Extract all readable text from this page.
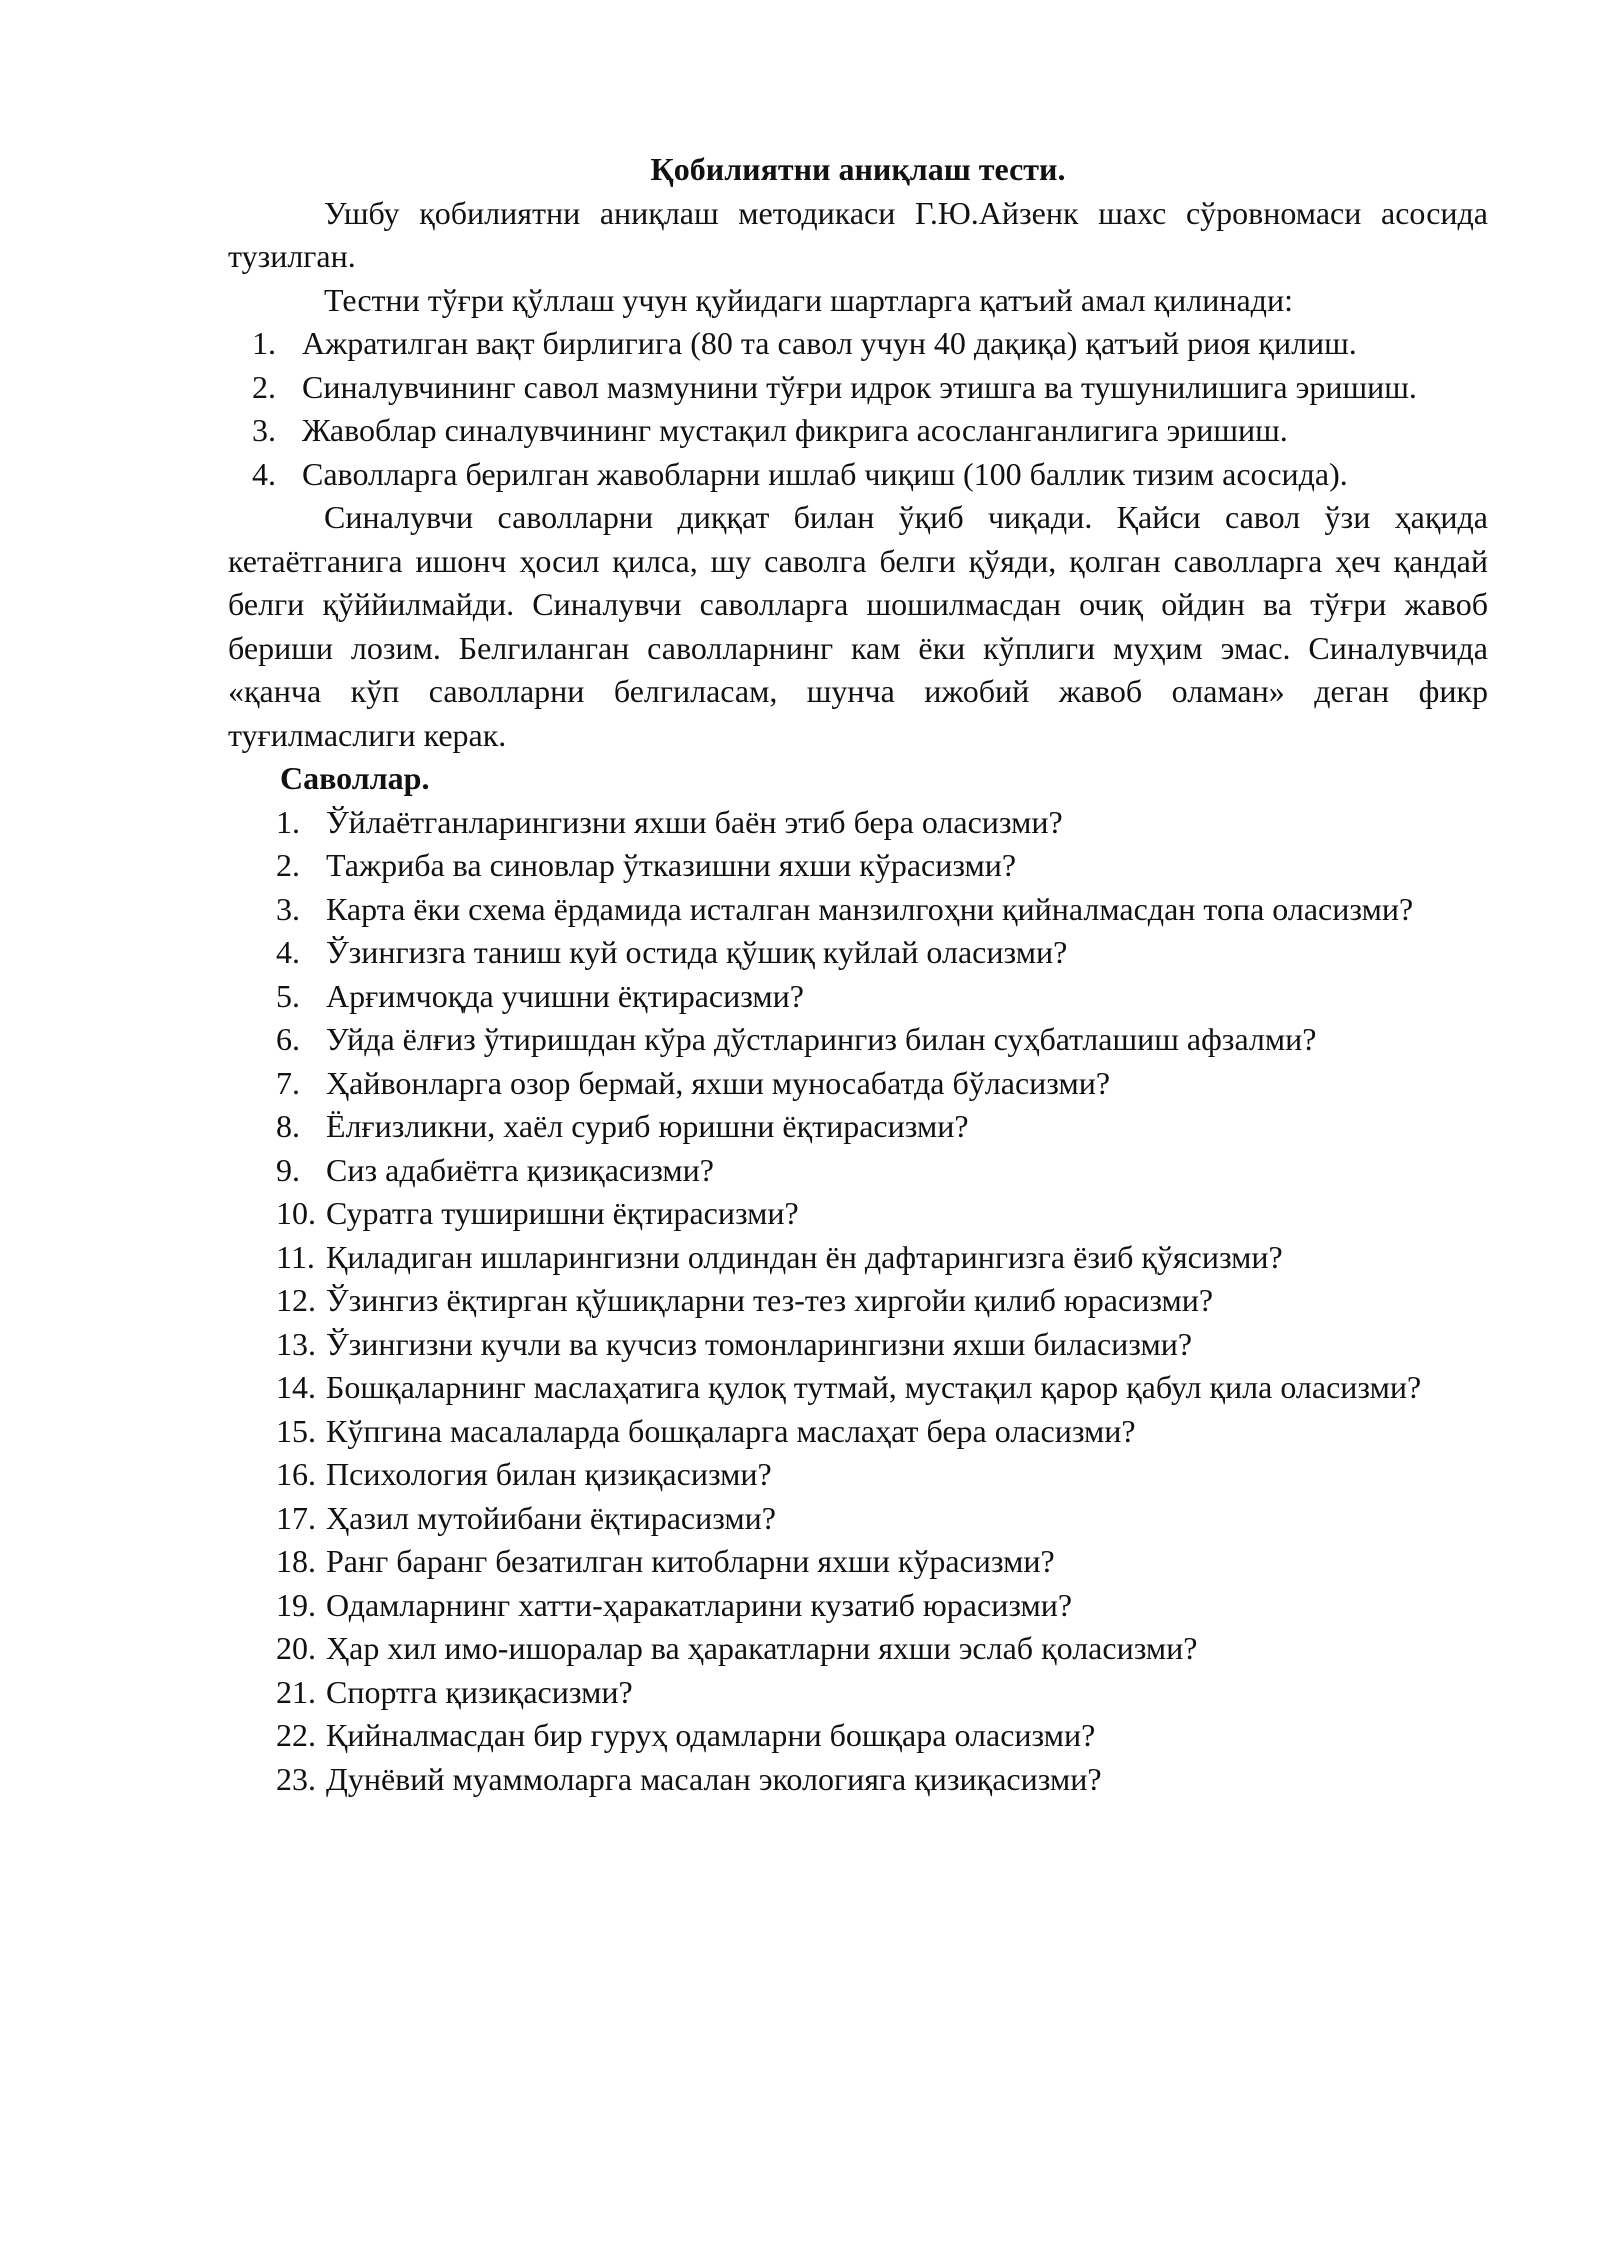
Қобилиятни аниқлаш тести.

Ушбу қобилиятни аниқлаш методикаси Г.Ю.Айзенк шахс сўровномаси асосида тузилган.

Тестни тўғри қўллаш учун қуйидаги шартларга қатъий амал қилинади:

1. Ажратилган вақт бирлигига (80 та савол учун 40 дақиқа) қатъий риоя қилиш.
2. Синалувчининг савол мазмунини тўғри идрок этишга ва тушунилишига эришиш.
3. Жавоблар синалувчининг мустақил фикрига асосланганлигига эришиш.
4. Саволларга берилган жавобларни ишлаб чиқиш (100 баллик тизим асосида).

Синалувчи саволларни диққат билан ўқиб чиқади. Қайси савол ўзи ҳақида кетаётганига ишонч ҳосил қилса, шу саволга белги қўяди, қолган саволларга ҳеч қандай белги қўййилмайди. Синалувчи саволларга шошилмасдан очиқ ойдин ва тўғри жавоб бериши лозим. Белгиланган саволларнинг кам ёки кўплиги муҳим эмас. Синалувчида «қанча кўп саволларни белгиласам, шунча ижобий жавоб оламан» деган фикр туғилмаслиги керак.

Саволлар.

1. Ўйлаётганларингизни яхши баён этиб бера оласизми?
2. Тажриба ва синовлар ўтказишни яхши кўрасизми?
3. Карта ёки схема ёрдамида исталган манзилгоҳни қийналмасдан топа оласизми?
4. Ўзингизга таниш куй остида қўшиқ куйлай оласизми?
5. Арғимчоқда учишни ёқтирасизми?
6. Уйда ёлғиз ўтиришдан кўра дўстларингиз билан суҳбатлашиш афзалми?
7. Ҳайвонларга озор бермай, яхши муносабатда бўласизми?
8. Ёлғизликни, хаёл суриб юришни ёқтирасизми?
9. Сиз адабиётга қизиқасизми?
10. Суратга туширишни ёқтирасизми?
11. Қиладиган ишларингизни олдиндан ён дафтарингизга ёзиб қўясизми?
12. Ўзингиз ёқтирган қўшиқларни тез-тез хиргойи қилиб юрасизми?
13. Ўзингизни кучли ва кучсиз томонларингизни яхши биласизми?
14. Бошқаларнинг маслаҳатига қулоқ тутмай, мустақил қарор қабул қила оласизми?
15. Кўпгина масалаларда бошқаларга маслаҳат бера оласизми?
16. Психология билан қизиқасизми?
17. Ҳазил мутойибани ёқтирасизми?
18. Ранг баранг безатилган китобларни яхши кўрасизми?
19. Одамларнинг хатти-ҳаракатларини кузатиб юрасизми?
20. Ҳар хил имо-ишоралар ва ҳаракатларни яхши эслаб қоласизми?
21. Спортга қизиқасизми?
22. Қийналмасдан бир гуруҳ одамларни бошқара оласизми?
23. Дунёвий муаммоларга масалан экологияга қизиқасизми?
